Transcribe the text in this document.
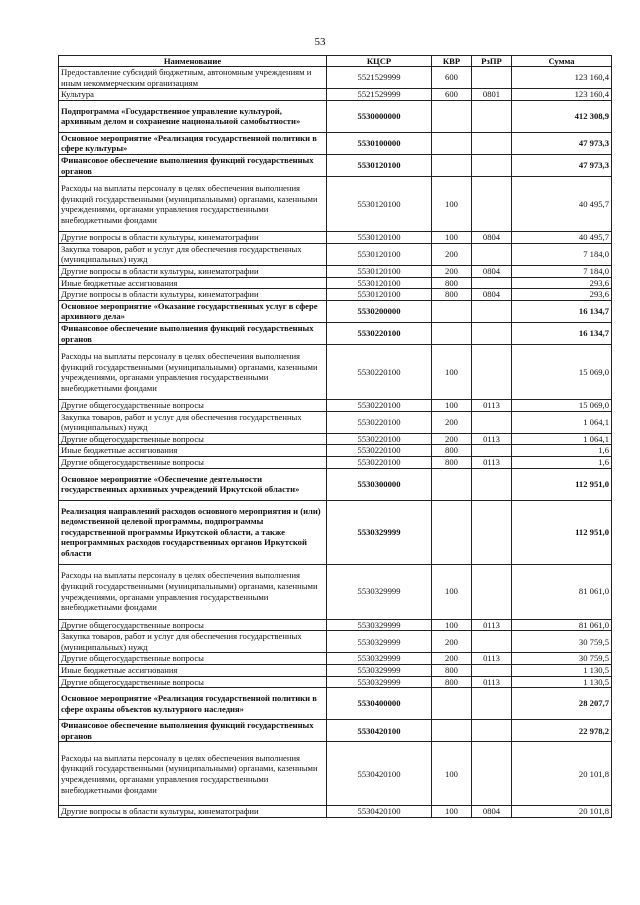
53
Наименование	КЦСР	КВР	РзПР	Сумма
Предоставление субсидий бюджетным, автономным учреждениям и иным некоммерческим организациям	5521529999	600		123 160,4
Культура	5521529999	600	0801	123 160,4
Подпрограмма «Государственное управление культурой, архивным делом и сохранение национальной самобытности»	5530000000			412 308,9
Основное мероприятие «Реализация государственной политики в сфере культуры»	5530100000			47 973,3
Финансовое обеспечение выполнения функций государственных органов	5530120100			47 973,3
Расходы на выплаты персоналу в целях обеспечения выполнения функций государственными (муниципальными) органами, казенными учреждениями, органами управления государственными внебюджетными фондами	5530120100	100		40 495,7
Другие вопросы в области культуры, кинематографии	5530120100	100	0804	40 495,7
Закупка товаров, работ и услуг для обеспечения государственных (муниципальных) нужд	5530120100	200		7 184,0
Другие вопросы в области культуры, кинематографии	5530120100	200	0804	7 184,0
Иные бюджетные ассигнования	5530120100	800		293,6
Другие вопросы в области культуры, кинематографии	5530120100	800	0804	293,6
Основное мероприятие «Оказание государственных услуг в сфере архивного дела»	5530200000			16 134,7
Финансовое обеспечение выполнения функций государственных органов	5530220100			16 134,7
Расходы на выплаты персоналу в целях обеспечения выполнения функций государственными (муниципальными) органами, казенными учреждениями, органами управления государственными внебюджетными фондами	5530220100	100		15 069,0
Другие общегосударственные вопросы	5530220100	100	0113	15 069,0
Закупка товаров, работ и услуг для обеспечения государственных (муниципальных) нужд	5530220100	200		1 064,1
Другие общегосударственные вопросы	5530220100	200	0113	1 064,1
Иные бюджетные ассигнования	5530220100	800		1,6
Другие общегосударственные вопросы	5530220100	800	0113	1,6
Основное мероприятие «Обеспечение деятельности государственных архивных учреждений Иркутской области»	5530300000			112 951,0
Реализация направлений расходов основного мероприятия и (или) ведомственной целевой программы, подпрограммы государственной программы Иркутской области, а также непрограммных расходов государственных органов Иркутской области	5530329999			112 951,0
Расходы на выплаты персоналу в целях обеспечения выполнения функций государственными (муниципальными) органами, казенными учреждениями, органами управления государственными внебюджетными фондами	5530329999	100		81 061,0
Другие общегосударственные вопросы	5530329999	100	0113	81 061,0
Закупка товаров, работ и услуг для обеспечения государственных (муниципальных) нужд	5530329999	200		30 759,5
Другие общегосударственные вопросы	5530329999	200	0113	30 759,5
Иные бюджетные ассигнования	5530329999	800		1 130,5
Другие общегосударственные вопросы	5530329999	800	0113	1 130,5
Основное мероприятие «Реализация государственной политики в сфере охраны объектов культурного наследия»	5530400000			28 207,7
Финансовое обеспечение выполнения функций государственных органов	5530420100			22 978,2
Расходы на выплаты персоналу в целях обеспечения выполнения функций государственными (муниципальными) органами, казенными учреждениями, органами управления государственными внебюджетными фондами	5530420100	100		20 101,8
Другие вопросы в области культуры, кинематографии	5530420100	100	0804	20 101,8
